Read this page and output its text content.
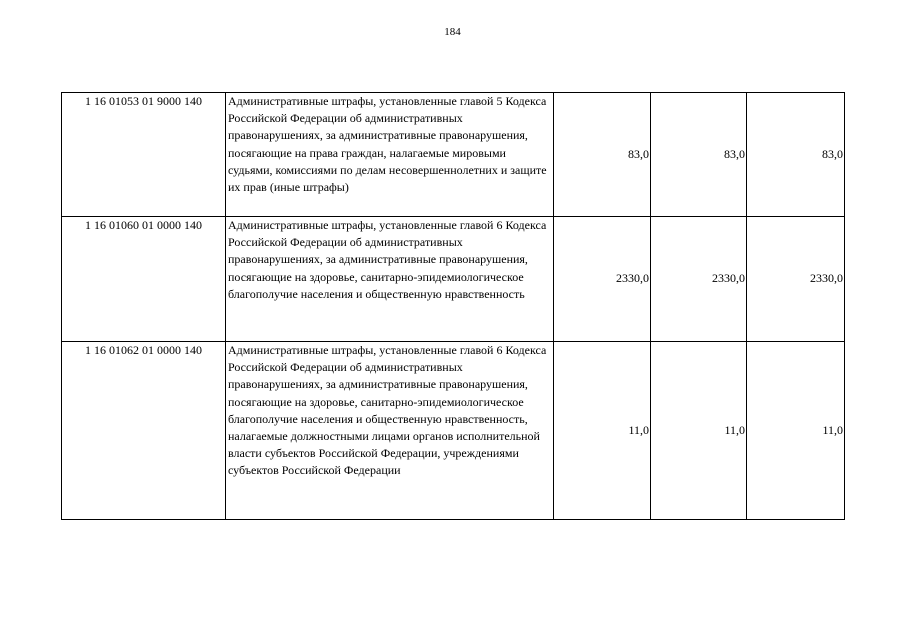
184
1 16 01053 01 9000 140	Административные штрафы, установленные главой 5 Кодекса Российской Федерации об административных правонарушениях, за административные правонарушения, посягающие на права граждан, налагаемые мировыми судьями, комиссиями по делам несовершеннолетних и защите их прав (иные штрафы)	83,0	83,0	83,0
1 16 01060 01 0000 140	Административные штрафы, установленные главой 6 Кодекса Российской Федерации об административных правонарушениях, за административные правонарушения, посягающие на здоровье, санитарно-эпидемиологическое благополучие населения и общественную нравственность	2330,0	2330,0	2330,0
1 16 01062 01 0000 140	Административные штрафы, установленные главой 6 Кодекса Российской Федерации об административных правонарушениях, за административные правонарушения, посягающие на здоровье, санитарно-эпидемиологическое благополучие населения и общественную нравственность, налагаемые должностными лицами органов исполнительной власти субъектов Российской Федерации, учреждениями субъектов Российской Федерации	11,0	11,0	11,0
